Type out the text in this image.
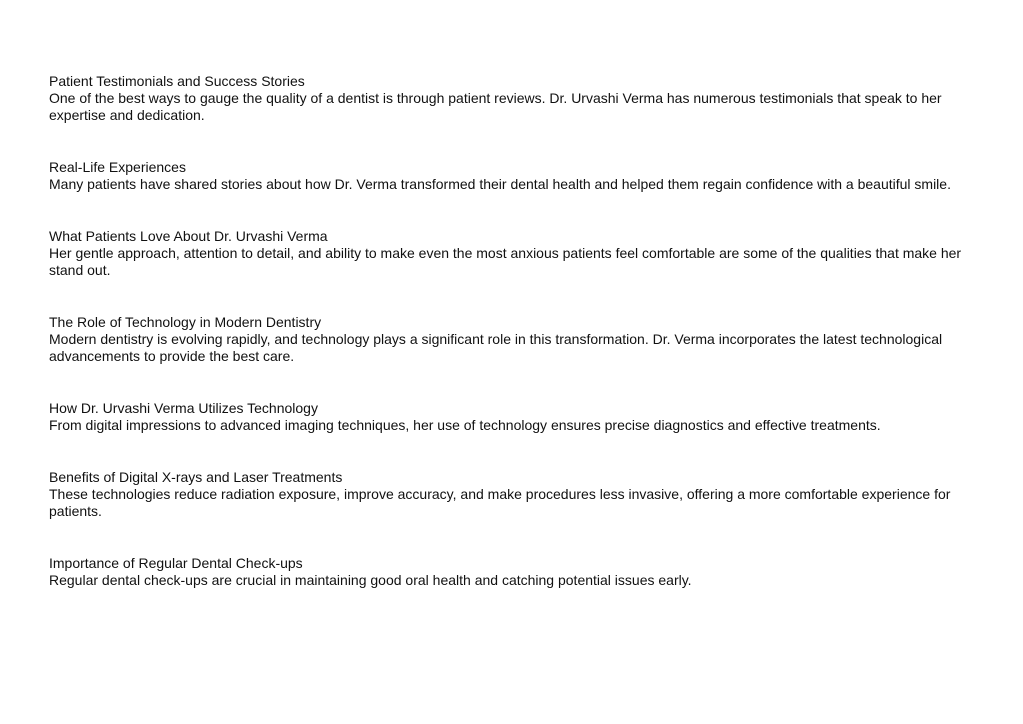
Patient Testimonials and Success Stories

One of the best ways to gauge the quality of a dentist is through patient reviews. Dr. Urvashi Verma has numerous testimonials that speak to her expertise and dedication.

Real-Life Experiences

Many patients have shared stories about how Dr. Verma transformed their dental health and helped them regain confidence with a beautiful smile.

What Patients Love About Dr. Urvashi Verma

Her gentle approach, attention to detail, and ability to make even the most anxious patients feel comfortable are some of the qualities that make her stand out.

The Role of Technology in Modern Dentistry

Modern dentistry is evolving rapidly, and technology plays a significant role in this transformation. Dr. Verma incorporates the latest technological advancements to provide the best care.

How Dr. Urvashi Verma Utilizes Technology

From digital impressions to advanced imaging techniques, her use of technology ensures precise diagnostics and effective treatments.

Benefits of Digital X-rays and Laser Treatments

These technologies reduce radiation exposure, improve accuracy, and make procedures less invasive, offering a more comfortable experience for patients.

Importance of Regular Dental Check-ups

Regular dental check-ups are crucial in maintaining good oral health and catching potential issues early.
